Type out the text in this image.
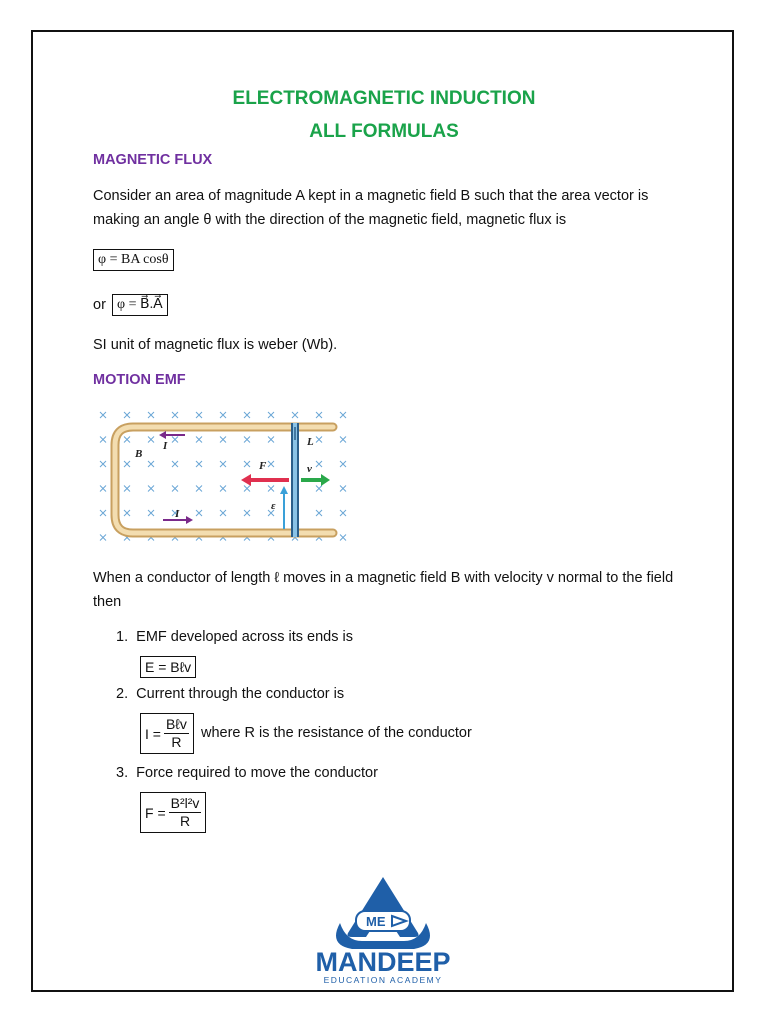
ELECTROMAGNETIC INDUCTION
ALL FORMULAS
MAGNETIC FLUX
Consider an area of magnitude A kept in a magnetic field B such that the area vector is making an angle θ with the direction of the magnetic field, magnetic flux is
φ = BA cosθ
or φ = B⃗.A⃗
SI unit of magnetic flux is weber (Wb).
MOTION EMF
B
I
I
L
F	v
ε
When a conductor of length ℓ moves in a magnetic field B with velocity v normal to the field then
1. EMF developed across its ends is
E = Bℓv
2. Current through the conductor is
$I = \frac{\text{Bℓv}}{R}$ where R is the resistance of the conductor
3. Force required to move the conductor
$F = \frac{\text{B²l²v}}{R}$
ME
MANDEEP
EDUCATION ACADEMY
